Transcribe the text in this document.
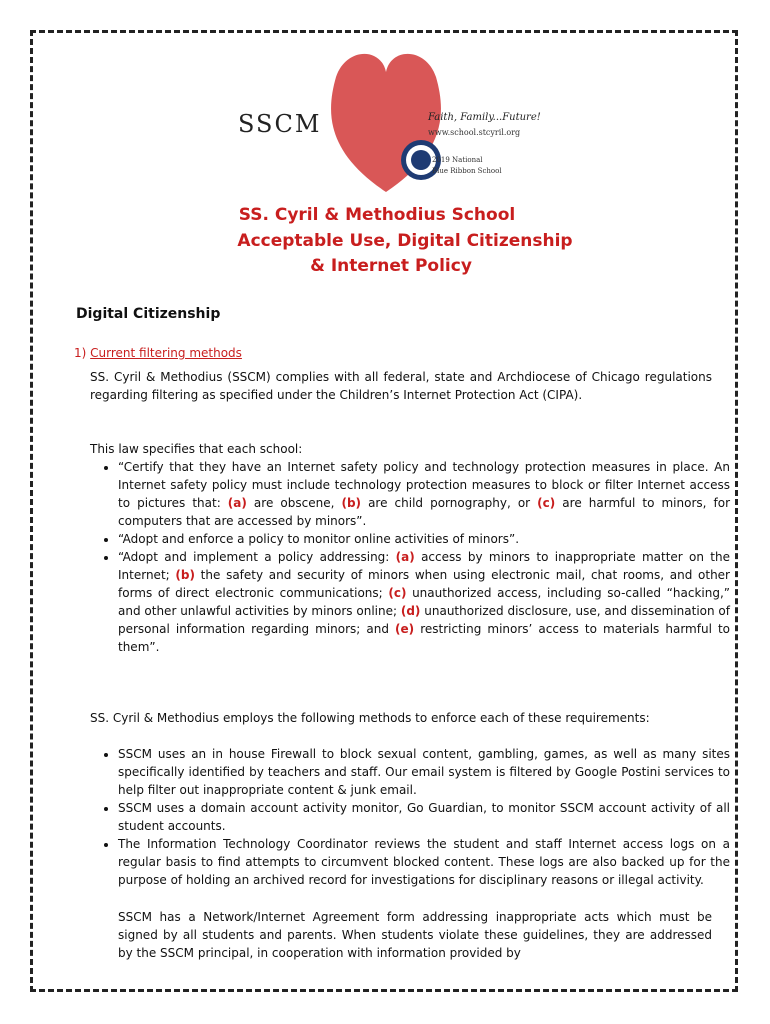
SSCM	Faith, Family...Future!
www.school.stcyril.org
2019 National
Blue Ribbon School
SS. Cyril & Methodius School
Acceptable Use, Digital Citizenship
& Internet Policy
Digital Citizenship
1) Current filtering methods
SS. Cyril & Methodius (SSCM) complies with all federal, state and Archdiocese of Chicago regulations regarding filtering as specified under the Children’s Internet Protection Act (CIPA).
This law specifies that each school:
• “Certify that they have an Internet safety policy and technology protection measures in place. An Internet safety policy must include technology protection measures to block or filter Internet access to pictures that: (a) are obscene, (b) are child pornography, or (c) are harmful to minors, for computers that are accessed by minors”.
• “Adopt and enforce a policy to monitor online activities of minors”.
• “Adopt and implement a policy addressing: (a) access by minors to inappropriate matter on the Internet; (b) the safety and security of minors when using electronic mail, chat rooms, and other forms of direct electronic communications; (c) unauthorized access, including so-called “hacking,” and other unlawful activities by minors online; (d) unauthorized disclosure, use, and dissemination of personal information regarding minors; and (e) restricting minors’ access to materials harmful to them”.
SS. Cyril & Methodius employs the following methods to enforce each of these requirements:
• SSCM uses an in house Firewall to block sexual content, gambling, games, as well as many sites specifically identified by teachers and staff. Our email system is filtered by Google Postini services to help filter out inappropriate content & junk email.
• SSCM uses a domain account activity monitor, Go Guardian, to monitor SSCM account activity of all student accounts.
• The Information Technology Coordinator reviews the student and staff Internet access logs on a regular basis to find attempts to circumvent blocked content. These logs are also backed up for the purpose of holding an archived record for investigations for disciplinary reasons or illegal activity.
SSCM has a Network/Internet Agreement form addressing inappropriate acts which must be signed by all students and parents. When students violate these guidelines, they are addressed by the SSCM principal, in cooperation with information provided by
